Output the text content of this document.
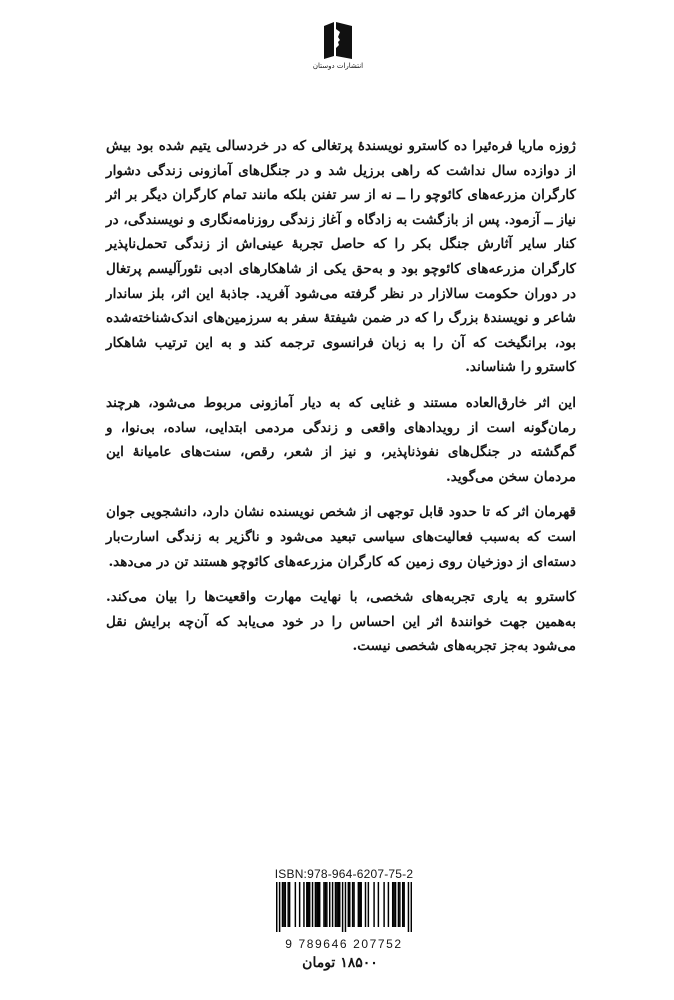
انتشارات دوستان

ژوزه ماریا فره‌ئیرا ده کاسترو نویسندهٔ پرتغالی که در خردسالی یتیم شده بود بیش از دوازده سال نداشت که راهی برزیل شد و در جنگل‌های آمازونی زندگی دشوار کارگران مزرعه‌های کائوچو را ــ نه از سر تفنن بلکه مانند تمام کارگران دیگر بر اثر نیاز ــ آزمود. پس از بازگشت به زادگاه و آغاز زندگی روزنامه‌نگاری و نویسندگی، در کنار سایر آثارش جنگل بکر را که حاصل تجربهٔ عینی‌اش از زندگی تحمل‌ناپذیر کارگران مزرعه‌های کائوچو بود و به‌حق یکی از شاهکارهای ادبی نئورآلیسم پرتغال در دوران حکومت سالازار در نظر گرفته می‌شود آفرید. جاذبهٔ این اثر، بلز ساندار شاعر و نویسندهٔ بزرگ را که در ضمن شیفتهٔ سفر به سرزمین‌های اندک‌شناخته‌شده بود، برانگیخت که آن را به زبان فرانسوی ترجمه کند و به این ترتیب شاهکار کاسترو را شناساند.

این اثر خارق‌العاده مستند و غنایی که به دیار آمازونی مربوط می‌شود، هرچند رمان‌گونه است از رویدادهای واقعی و زندگی مردمی ابتدایی، ساده، بی‌نوا، و گم‌گشته در جنگل‌های نفوذناپذیر، و نیز از شعر، رقص، سنت‌های عامیانهٔ این مردمان سخن می‌گوید.

قهرمان اثر که تا حدود قابل توجهی از شخص نویسنده نشان دارد، دانشجویی جوان است که به‌سبب فعالیت‌های سیاسی تبعید می‌شود و ناگزیر به زندگی اسارت‌بار دسته‌ای از دوزخیان روی زمین که کارگران مزرعه‌های کائوچو هستند تن در می‌دهد.

کاسترو به یاری تجربه‌های شخصی، با نهایت مهارت واقعیت‌ها را بیان می‌کند. به‌همین جهت خوانندهٔ اثر این احساس را در خود می‌یابد که آن‌چه برایش نقل می‌شود به‌جز تجربه‌های شخصی نیست.

ISBN:978-964-6207-75-2
9 789646 207752
۱۸۵۰۰ تومان
